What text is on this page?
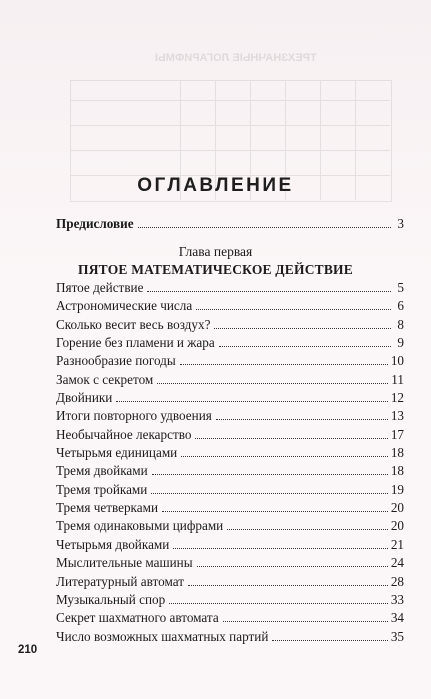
ТРЕХЗНАЧНЫЕ ЛОГАРИФМЫ
ОГЛАВЛЕНИЕ
Предисловие	3
Глава первая
ПЯТОЕ МАТЕМАТИЧЕСКОЕ ДЕЙСТВИЕ
Пятое действие	5
Астрономические числа	6
Сколько весит весь воздух?	8
Горение без пламени и жара	9
Разнообразие погоды	10
Замок с секретом	11
Двойники	12
Итоги повторного удвоения	13
Необычайное лекарство	17
Четырьмя единицами	18
Тремя двойками	18
Тремя тройками	19
Тремя четверками	20
Тремя одинаковыми цифрами	20
Четырьмя двойками	21
Мыслительные машины	24
Литературный автомат	28
Музыкальный спор	33
Секрет шахматного автомата	34
Число возможных шахматных партий	35
210
